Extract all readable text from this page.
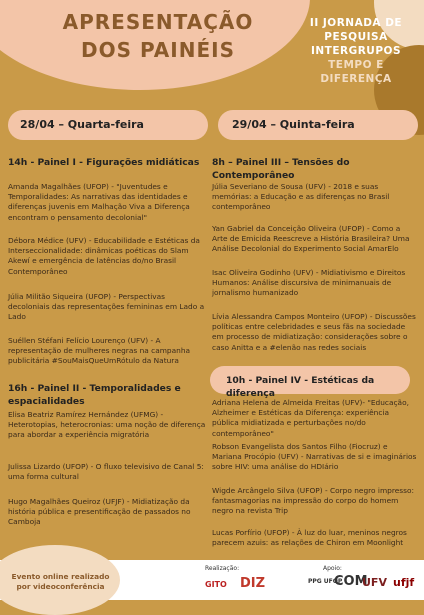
APRESENTAÇÃO
DOS PAINÉIS
II JORNADA DE
PESQUISA
INTERGRUPOS
TEMPO E DIFERENÇA
28/04 – Quarta-feira
14h - Painel I - Figurações midiáticas
Amanda Magalhães (UFOP) - "Juventudes e Temporalidades: As narrativas das identidades e diferenças juvenis em Malhação Viva a Diferença encontram o pensamento decolonial"
Débora Médice (UFV) - Educabilidade e Estéticas da Interseccionalidade: dinâmicas poéticas do Slam Akewí e emergência de latências do/no Brasil Contemporâneo
Júlia Militão Siqueira (UFOP) - Perspectivas decoloniais das representações femininas em Lado a Lado
Suéllen Stéfani Felício Lourenço (UFV) - A representação de mulheres negras na campanha publicitária #SouMaisQueUmRótulo da Natura
16h - Painel II - Temporalidades e espacialidades
Elisa Beatriz Ramírez Hernández (UFMG) - Heterotopias, heterocronias: uma noção de diferença para abordar a experiência migratória
Julissa Lizardo (UFOP) - O fluxo televisivo de Canal 5: uma forma cultural
Hugo Magalhães Queiroz (UFJF) - Midiatização da história pública e presentificação de passados no Camboja
29/04 – Quinta-feira
8h – Painel III – Tensões do Contemporâneo
Júlia Severiano de Sousa (UFV) - 2018 e suas memórias: a Educação e as diferenças no Brasil contemporâneo
Yan Gabriel da Conceição Oliveira (UFOP) - Como a Arte de Emicida Reescreve a História Brasileira? Uma Análise Decolonial do Experimento Social AmarElo
Isac Oliveira Godinho (UFV) - Midiativismo e Direitos Humanos: Análise discursiva de minimanuais de jornalismo humanizado
Lívia Alessandra Campos Monteiro (UFOP) - Discussões políticas entre celebridades e seus fãs na sociedade em processo de midiatização: considerações sobre o caso Anitta e a #elenão nas redes sociais
10h - Painel IV - Estéticas da diferença
Adriana Helena de Almeida Freitas (UFV)- "Educação, Alzheimer e Estéticas da Diferença: experiência pública midiatizada e perturbações no/do contemporâneo"
Robson Evangelista dos Santos Filho (Fiocruz) e Mariana Procópio (UFV) - Narrativas de si e imaginários sobre HIV: uma análise do HDIário
Wigde Arcângelo Silva (UFOP) - Corpo negro impresso: fantasmagorias na impressão do corpo do homem negro na revista Trip
Lucas Porfírio (UFOP) - À luz do luar, meninos negros parecem azuis: as relações de Chiron em Moonlight
Evento online realizado por videoconferência
Realização:	Apoio:
GITO DIZ	PPG UFOP
COM
UFV ufjf
